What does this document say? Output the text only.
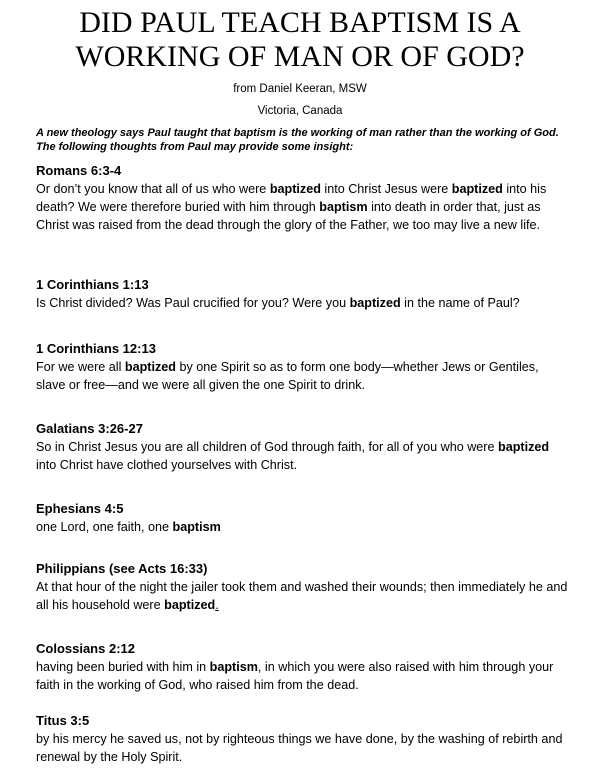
DID PAUL TEACH BAPTISM IS A
WORKING OF MAN OR OF GOD?

from Daniel Keeran, MSW

Victoria, Canada

A new theology says Paul taught that baptism is the working of man rather than the working of God. The following thoughts from Paul may provide some insight:

Romans 6:3-4

Or don’t you know that all of us who were baptized into Christ Jesus were baptized into his death? We were therefore buried with him through baptism into death in order that, just as Christ was raised from the dead through the glory of the Father, we too may live a new life.

1 Corinthians 1:13

Is Christ divided? Was Paul crucified for you? Were you baptized in the name of Paul?

1 Corinthians 12:13

For we were all baptized by one Spirit so as to form one body—whether Jews or Gentiles, slave or free—and we were all given the one Spirit to drink.

Galatians 3:26-27

So in Christ Jesus you are all children of God through faith, for all of you who were baptized into Christ have clothed yourselves with Christ.

Ephesians 4:5

one Lord, one faith, one baptism

Philippians (see Acts 16:33)

At that hour of the night the jailer took them and washed their wounds; then immediately he and all his household were baptized.

Colossians 2:12

having been buried with him in baptism, in which you were also raised with him through your faith in the working of God, who raised him from the dead.

Titus 3:5

by his mercy he saved us, not by righteous things we have done, by the washing of rebirth and renewal by the Holy Spirit.
